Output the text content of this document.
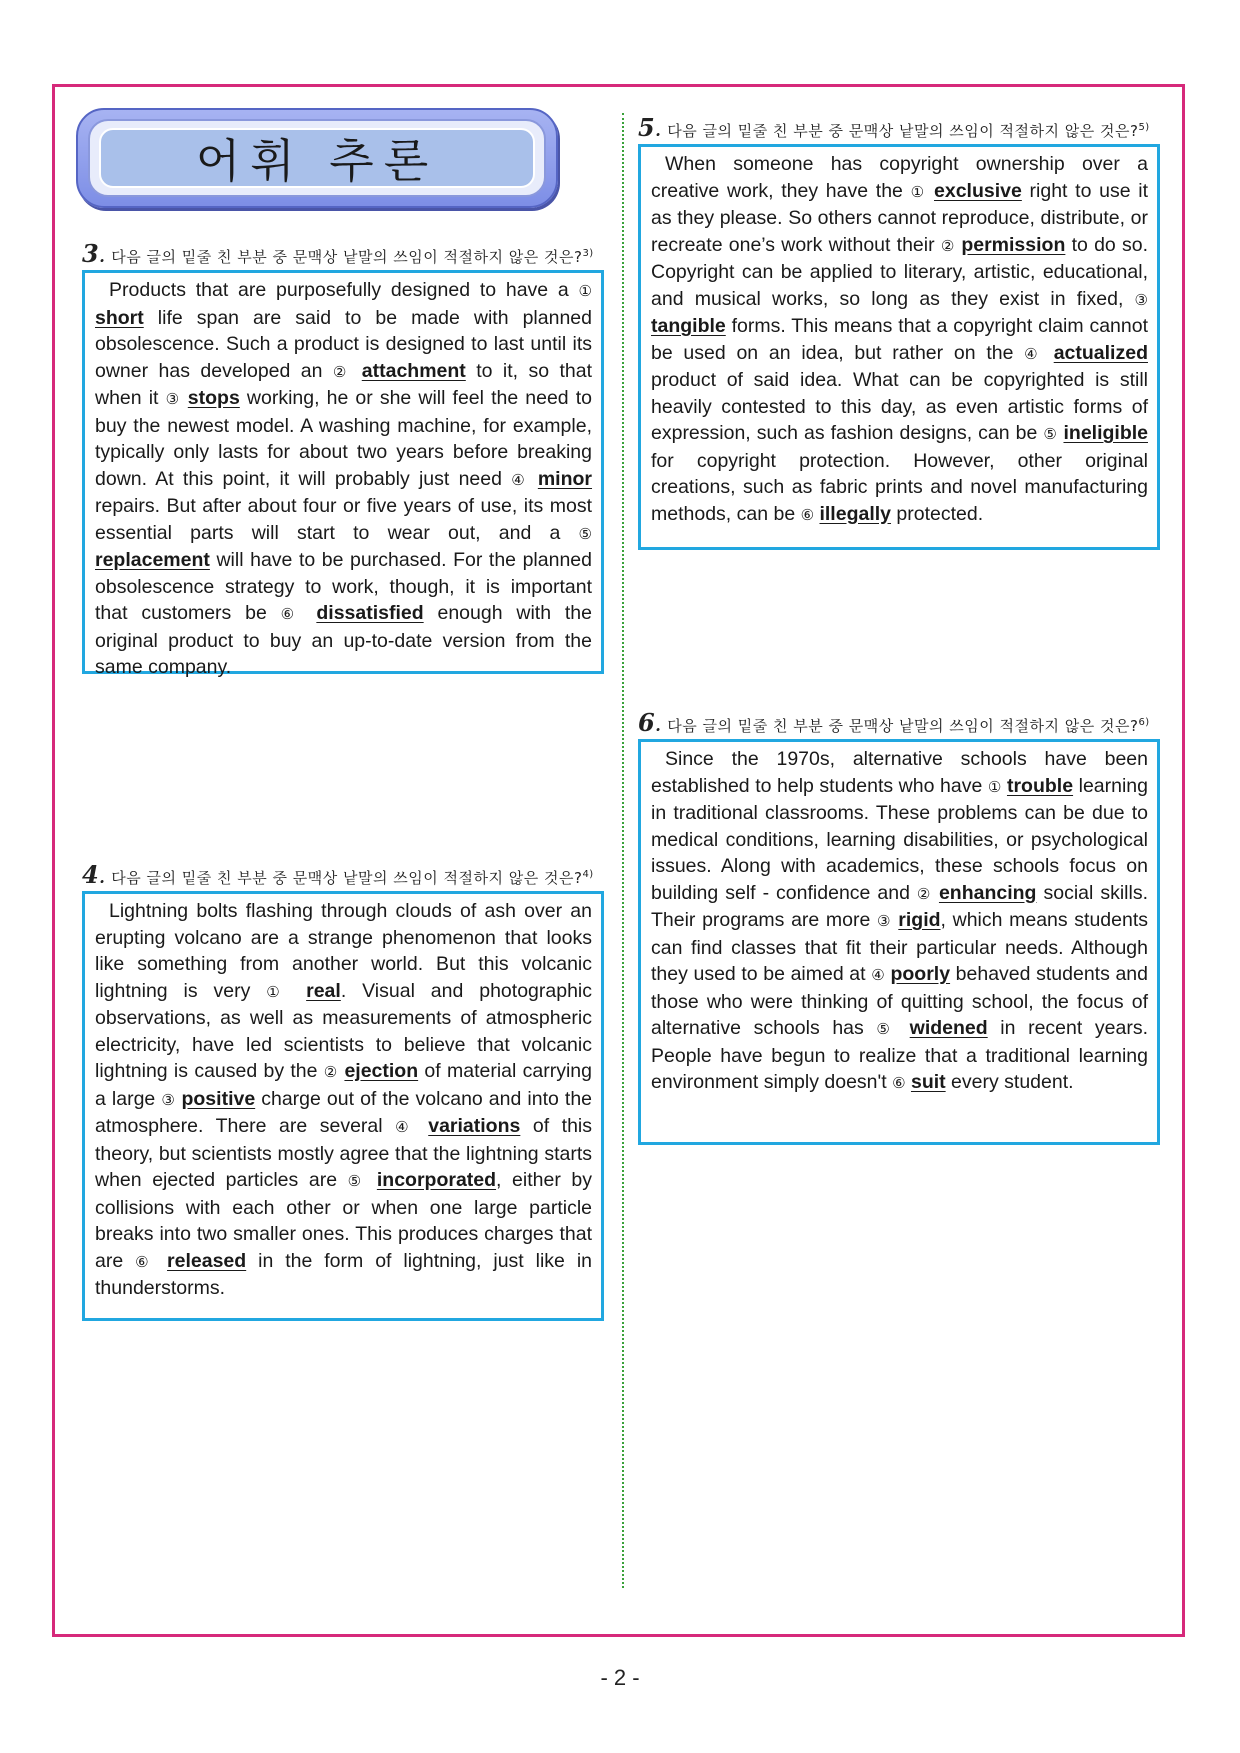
어휘 추론
3 . 다음 글의 밑줄 친 부분 중 문맥상 낱말의 쓰임이 적절하지 않은 것은?$^{3)}$

Products that are purposefully designed to have a ① short life span are said to be made with planned obsolescence. Such a product is designed to last until its owner has developed an ② attachment to it, so that when it ③ stops working, he or she will feel the need to buy the newest model. A washing machine, for example, typically only lasts for about two years before breaking down. At this point, it will probably just need ④ minor repairs. But after about four or five years of use, its most essential parts will start to wear out, and a ⑤ replacement will have to be purchased. For the planned obsolescence strategy to work, though, it is important that customers be ⑥ dissatisfied enough with the original product to buy an up-to-date version from the same company.

4 . 다음 글의 밑줄 친 부분 중 문맥상 낱말의 쓰임이 적절하지 않은 것은?$^{4)}$

Lightning bolts flashing through clouds of ash over an erupting volcano are a strange phenomenon that looks like something from another world. But this volcanic lightning is very ① real. Visual and photographic observations, as well as measurements of atmospheric electricity, have led scientists to believe that volcanic lightning is caused by the ② ejection of material carrying a large ③ positive charge out of the volcano and into the atmosphere. There are several ④ variations of this theory, but scientists mostly agree that the lightning starts when ejected particles are ⑤ incorporated, either by collisions with each other or when one large particle breaks into two smaller ones. This produces charges that are ⑥ released in the form of lightning, just like in thunderstorms.

5 . 다음 글의 밑줄 친 부분 중 문맥상 낱말의 쓰임이 적절하지 않은 것은?$^{5)}$

When someone has copyright ownership over a creative work, they have the ① exclusive right to use it as they please. So others cannot reproduce, distribute, or recreate one’s work without their ② permission to do so. Copyright can be applied to literary, artistic, educational, and musical works, so long as they exist in fixed, ③ tangible forms. This means that a copyright claim cannot be used on an idea, but rather on the ④ actualized product of said idea. What can be copyrighted is still heavily contested to this day, as even artistic forms of expression, such as fashion designs, can be ⑤ ineligible for copyright protection. However, other original creations, such as fabric prints and novel manufacturing methods, can be ⑥ illegally protected.

6 . 다음 글의 밑줄 친 부분 중 문맥상 낱말의 쓰임이 적절하지 않은 것은?$^{6)}$

Since the 1970s, alternative schools have been established to help students who have ① trouble learning in traditional classrooms. These problems can be due to medical conditions, learning disabilities, or psychological issues. Along with academics, these schools focus on building self - confidence and ② enhancing social skills. Their programs are more ③ rigid, which means students can find classes that fit their particular needs. Although they used to be aimed at ④ poorly behaved students and those who were thinking of quitting school, the focus of alternative schools has ⑤ widened in recent years. People have begun to realize that a traditional learning environment simply doesn't ⑥ suit every student.

- 2 -
